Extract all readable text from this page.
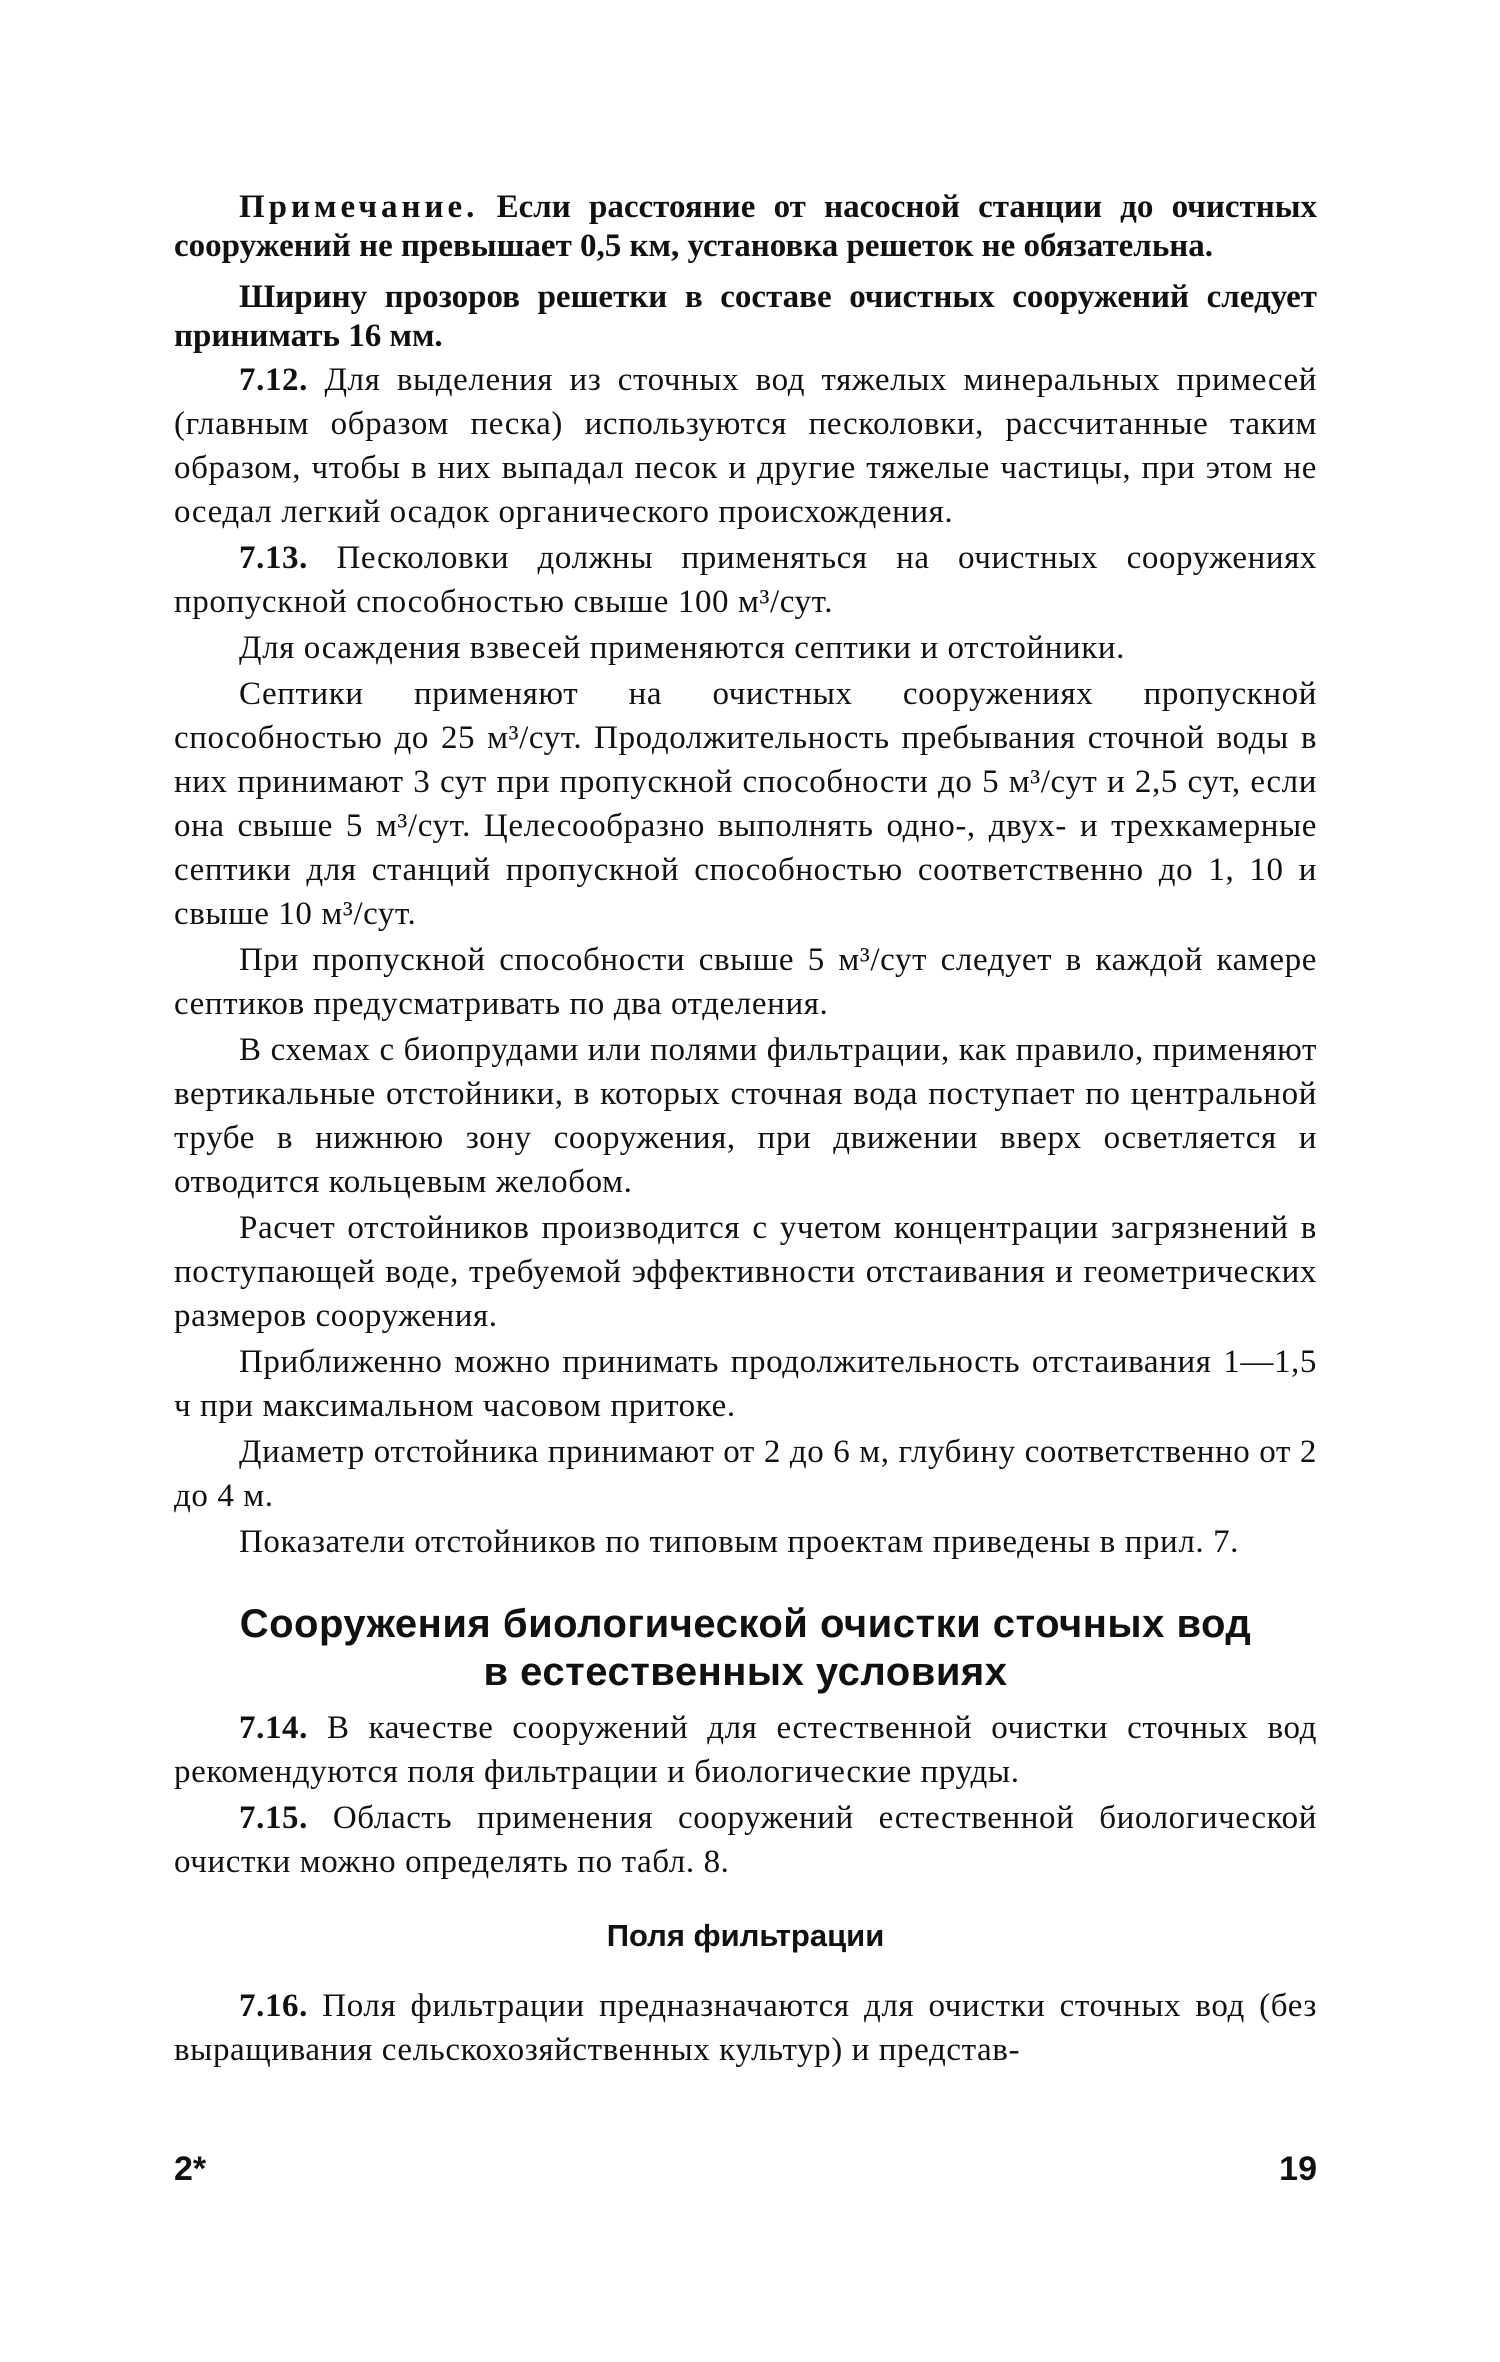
Примечание. Если расстояние от насосной станции до очистных сооружений не превышает 0,5 км, установка решеток не обязательна.

Ширину прозоров решетки в составе очистных сооружений следует принимать 16 мм.

7.12. Для выделения из сточных вод тяжелых минеральных примесей (главным образом песка) используются песколовки, рассчитанные таким образом, чтобы в них выпадал песок и другие тяжелые частицы, при этом не оседал легкий осадок органического происхождения.

7.13. Песколовки должны применяться на очистных сооружениях пропускной способностью свыше 100 м³/сут.

Для осаждения взвесей применяются септики и отстойники.

Септики применяют на очистных сооружениях пропускной способностью до 25 м³/сут. Продолжительность пребывания сточной воды в них принимают 3 сут при пропускной способности до 5 м³/сут и 2,5 сут, если она свыше 5 м³/сут. Целесообразно выполнять одно-, двух- и трехкамерные септики для станций пропускной способностью соответственно до 1, 10 и свыше 10 м³/сут.

При пропускной способности свыше 5 м³/сут следует в каждой камере септиков предусматривать по два отделения.

В схемах с биопрудами или полями фильтрации, как правило, применяют вертикальные отстойники, в которых сточная вода поступает по центральной трубе в нижнюю зону сооружения, при движении вверх осветляется и отводится кольцевым желобом.

Расчет отстойников производится с учетом концентрации загрязнений в поступающей воде, требуемой эффективности отстаивания и геометрических размеров сооружения.

Приближенно можно принимать продолжительность отстаивания 1—1,5 ч при максимальном часовом притоке.

Диаметр отстойника принимают от 2 до 6 м, глубину соответственно от 2 до 4 м.

Показатели отстойников по типовым проектам приведены в прил. 7.

Сооружения биологической очистки сточных вод
в естественных условиях

7.14. В качестве сооружений для естественной очистки сточных вод рекомендуются поля фильтрации и биологические пруды.

7.15. Область применения сооружений естественной биологической очистки можно определять по табл. 8.

Поля фильтрации

7.16. Поля фильтрации предназначаются для очистки сточных вод (без выращивания сельскохозяйственных культур) и представ-

2*	19
